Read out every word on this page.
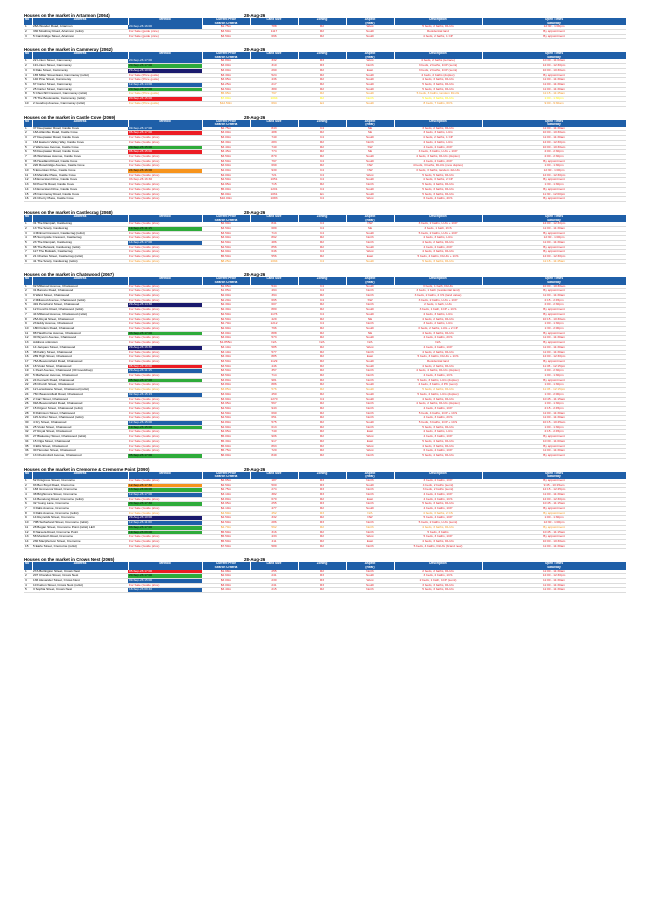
Houses on the market in Artarmon (2064)	28-Aug-26
No	Address	Method	Current Price	Land Size	Zoning	Aspect	Description	Open Times
			Search Criteria			(Rear)		Saturday
1	28A Wooder Road, Artarmon	20-Sep-26 16:00	$1.75m	788	R2	West	5 beds, 2 baths, DLUG	12:30 - 1:00pm
2	330 Mowbray Road, Artarmon (relist)	For Sale (guide price)	$3.50m	1117	R2	South	Residential land	By appointment
3	5 Cambridge Street, Artarmon	For Sale (guide price)	$3.50m	696	R2	South	4 beds, 2 baths, 1 CP	By appointment
Houses on the market in Cammeray (2062)	28-Aug-26
No	Address	Method	Current Price	Land Size	Zoning	Aspect	Description	Open Times
			Search Criteria			(Rear)		Saturday
1	22 Linton Street, Cammeray	20-Sep-26 17:00	$2.80m	332	R3	West	4 beds, 2 baths (terrace)	10:30 - 11:00am
2	19 Linton Street, Cammeray	20-Sep-26 17:00	$3.00m	310	R3	North	3 beds, 2 baths, 1CP (semi)	12:00 - 12:30pm
3	9 Dale Street, Cammeray	29-Aug-26 10:00	$3.00m	290	R2	East	3 beds, 2 baths, 1CP (semi)	10:00 - 10:30am
4	165 Miller Street East, Cammeray (relist)	For Sale (Price guide)	$3.30m	524	R2	South	4 beds, 2 baths (duplex)	By appointment
5	140 Pine Street, Cammeray	For Sale (Price guide)	$3.95m	436	R2	South	4 beds, 3 baths, DLUG	11:00 - 11:30am
6	67 Carter Street, Cammeray	12-Sep-26 14:00	$4.25m	217	R2	South	5 beds, 3 baths, DLUG	11:00 - 11:30am
7	25 Carter Street, Cammeray	20-Sep-26 17:00	$4.50m	380	R2	South	5 beds, 3 baths, DLUG	11:00 - 11:30am
8	5 Churchill Crescent, Cammeray (relist)	For Sale (Price guide)	$5.95m	797	R2	South	5 beds, 3 baths, tandem DLUG	11:15 - 11:45am
9	78 The Boulevarde, Cammeray (relist)	20-Sep-26 15:00	$7.00m	1094	R2	North	5 beds, 3 baths, DLUG	1:00 - 1:30pm
10	2 Goodrop Avenue, Cammeray (relist)	For Sale (Price guide)	$12.50m	694	E4	South	8 beds, 7 baths, 6CS	9:00 - 9:30am
Houses on the market in Castle Cove (2069)	28-Aug-26
No	Address	Method	Current Price	Land Size	Zoning	Aspect	Description	Open Times
			Search Criteria			(Rear)		Saturday
1	37 Deepwater Road, Castle Cove	09-Sep-26 17:00	$2.75m	843	C4	SE	3 beds, 2 baths, DLUG	11:00 - 11:30am
2	18A Allambie Road, Castle Cove	06-Sep-26 17:00	$3.00m	488	R2	SE	3 beds, 3 baths, LUG	10:00 - 10:30am
3	27 Deepwater Road, Castle Cove	For Sale (Guide price)	$3.00m	740	C4	South	4 beds, 2 baths, 1 CP	11:00 - 11:30am
4	163 Eastern Valley Way, Castle Cove	For Sale (Guide price)	$3.30m	283	R2	North	4 beds, 4 baths, LUG	12:00 - 12:30pm
5	2 Warrenee Avenue, Castle Cove	20-Sep-26 15:00	$3.40m	740	R2	SW	4 beds, 2 baths, 2CP	10:00 - 10:30am
6	53 Deepwater Road, Castle Cove	06-Sep-26 15:00	$3.45m	774	R2	SE	3 beds, 3 baths, LUG + 1CP	2:00 - 2:30pm
7	46 Warrawee Avenue, Castle Cove	For Sale (Guide price)	$3.50m	870	R2	South	4 beds, 3 baths, DLUG (duplex)	2:00 - 2:30pm
8	36 Headland Road, Castle Cove	For Sale (Guide price)	$3.50m	797	C4	South	4 beds, 2 baths, 2CP	By appointment
9	220 Rosebridge Avenue, Castle Cove	For Sale (Guide price)	$3.60m	699	R2	NW	4 beds, 3 baths, DLUG (new duplex)	1:00 - 1:30pm
10	5 Emerstan Drive, Castle Cove	24-Sep-26 16:00	$4.00m	930	C4	NW	3 beds, 3 baths, tandem 4xLUG	12:30 - 1:00pm
11	18 Manville Place, Castle Cove	For Sale (Guide price)	$4.00m	721	C4	West	5 beds, 5 baths, DLUG	12:00 - 12:30pm
12	18 Emerstan Drive, Castle Cove	03-Sep-26 16:30	$4.50m	1051	C4	South	4 beds, 3 baths, 2 CP	By appointment
13	60 Peel St Road, Castle Cove	For Sale (Guide price)	$4.95m	715	R2	North	5 beds, 4 baths, DLUG	1:30 - 1:30pm
14	13 Emerstan Drive, Castle Cove	For Sale (Guide price)	$5.00m	1201	C4	South	5 beds, 3 baths, DLUG	By appointment
15	28 Cammeray Road, Castle Cove	For Sale (Guide price)	$6.00m	1061	E1	South	5 beds, 3 baths, DLUG	11:30 - 12:00pm
16	24 Cherry Place, Castle Cove	For Sale (Guide price)	$10.00m	1083	C4	West	6 beds, 4 baths, 4CS	By appointment
Houses on the market in Castlecrag (2068)	28-Aug-26
No	Address	Method	Current Price	Land Size	Zoning	Aspect	Description	Open Times
			Search Criteria			(Rear)		Saturday
1	31 The Rampart, Castlecrag	For Sale (Guide price)	$2.90m	841	C4	NW	3 beds, 2 baths, LUG + 1CP	12:00 - 12:30pm
2	13 The Scarp, Castlecrag	19-Sep-26 11:15	$3.50m	689	C4	SE	3 beds, 1 bath, 2CS	11:00 - 11:30am
3	4 Mirimai Crescent, Castlecrag (relist)	For Sale (Guide price)	$3.50m	713	C4	South	5 beds, 2 baths, LUG + 1CP	By appointment
4	85 Sunnyside Crescent, Castlecrag	For Sale (Guide price)	$3.90m	892	R2	North	4 beds, 3 baths, LUG	12:30 - 1:00pm
5	23 The Rampart, Castlecrag	14-Sep-26 17:00	$4.50m	486	R2	North	4 beds, 2 baths, DLUG	11:00 - 11:30am
6	98 The Bulwark, Castlecrag (relist)	For Sale (Guide price)	$4.50m	856	R2	South	4 beds, 2 baths, 2CP	By appointment
7	117 The Bulwark, Castlecrag	For Sale (Guide price)	$4.90m	646	C4	West	4 beds, 3 baths, DLUG	By appointment
8	21 Charles Street, Castlecrag (relist)	For Sale (Guide price)	$5.50m	556	R2	East	5 beds, 4 baths, DLUG + 1CS	12:00 - 12:30pm
9	41 The Scarp, Castlecrag (relist)	For Sale (Guide price)	$8.25m	1094	C4	South	5 beds, 3 baths, DLUG	11:15 - 11:45am
Houses on the market in Chatswood (2067)	28-Aug-26
No	Address	Method	Current Price	Land Size	Zoning	Aspect	Description	Open Times
			Search Criteria			(Rear)		Saturday
1	92 Millwood Avenue, Chatswood	For Sale (Guide price)	$1.65m	544	C4	South	3 beds, 1 bath, DLUG	10:00 - 10:30am
2	31 Barcelo Road, Chatswood	For Sale (Guide price)	$1.85m	494	C4	North	3 beds, 1 bath (residential land)	By appointment
3	9 Ward Street, Chatswood	For Sale (Guide price)	$2.00m	394	R2	North	3 beds, 2 baths, 2 CS (land value)	11:00 - 11:30am
4	2 Millwood Avenue, Chatswood (relist)	For Sale (Guide price)	$2.20m	695	C4	SW	3 beds, 2 baths, LUG + 1CP	2:15 - 2:45pm
5	491 Penshurst Street, Chatswood	29-Aug-26 14:30	$2.30m	607	R2	North	2 beds, 1 bath, LUG	2:00 - 2:30pm
6	12 Frenchs Road, Chatswood (relist)	For Sale (Guide price)	$2.30m	880	R2	South	3 beds, 1 bath, 1CP + 1CS	By appointment
7	44 Millwood Avenue, Chatswood (relist)	For Sale (Guide price)	$2.50m	1176	C4	South	4 beds, 3 baths, LUG	By appointment
8	25A Royal Street, Chatswood	For Sale (Guide price)	$2.50m	429	R2	NE	4 beds, 2 baths, DLUG	10:15 - 10:30am
9	23 Eddy Avenue, Chatswood	For Sale (Guide price)	$2.70m	1212	C4	North	3 beds, 2 baths, LUG	1:00 - 1:30pm
10	18D Fullers Road, Chatswood	For Sale (Guide price)	$2.90m	796	R2	South	3 beds, 2 baths, LUG + 2 CP	1:30 - 2:00pm
11	88 Hawthorne Avenue, Chatswood	03-Sep-26 17:00	$3.00m	888	R2	NE	4 beds, 3 baths, DLUG	By appointment
12	30 Wyvern Avenue, Chatswood	For Sale (Guide price)	$3.00m	573	R2	South	4 beds, 2 baths, 2CS	11:00 - 11:30am
13	Address unknown	For Sale (Guide price)	$1.855m	N/A	N/A	N/A	N/A	By appointment
14	14 Jacques Street, Chatswood	29-Aug-26 16:30	$3.10m	585	R2	West	4 beds, 2 baths, 1CP	11:00 - 11:30am
15	38 Kalkry Street, Chatswood	For Sale (Guide price)	$3.10m	577	R2	North	4 beds, 2 baths, DLUG	11:00 - 11:30am
16	289 High Street, Chatswood	For Sale (Guide price)	$3.30m	885	R2	East	5 beds, 3 baths, DLUG + 1CS	12:00 - 12:30pm
17	76A Beaconsfield Road, Chatswood	For Sale (Guide price)	$3.50m	1129	R2	South	Residential land	By appointment
18	18 Violet Street, Chatswood	05-Sep-26 16:00	$3.50m	446	R2	South	4 beds, 2 baths, DLUG	11:45 - 12:15pm
19	1 Pearl Avenue, Chatswood (30 Goodchap)	29-Aug-26 11:15	$3.50m	357	R2	North	4 beds, 4 baths, DLUG (duplex)	2:00 - 2:30pm
20	5 Matheson Avenue, Chatswood	For Sale (Guide price)	$3.50m	714	R2	North	4 beds, 3 baths, 1CS	1:00 - 1:30pm
21	24 Kenneth Road, Chatswood	05-Sep-26 17:00	$3.80m	981	R2	North	5 beds, 3 baths, LUG (duplex)	By appointment
22	28 Church Street, Chatswood	For Sale (Guide price)	$3.80m	886	R2	South	4 beds, 3 baths, 2 PK (semi)	1:00 - 1:30pm
23	12 Lansdowne Street, Chatswood (relist)	For Sale (Guide price)	$3.85m	576	R2	South	5 beds, 2 baths, DLUG	11:45 - 12:15pm
24	76C Beaconsfield Road, Chatswood	02-Sep-26 15:15	$3.90m	450	R2	South	5 beds, 4 baths, LUG (duplex)	1:30 - 2:00pm
25	2 Carr Street, Chatswood	For Sale (Guide price)	$3.90m	1270	C4	South	4 beds, 3 baths, DLUG	10:45 - 11:15am
26	99A Beaconsfield Road, Chatswood	For Sale (Guide price)	$3.95m	567	R2	North	4 beds, 2 baths, DLUG (duplex)	1:00 - 1:30pm
27	15 Kilgour Street, Chatswood (relist)	For Sale (Guide price)	$4.50m	943	R2	North	4 beds, 3 baths, 1CP	2:15 - 2:45pm
28	8 Robinson Street, Chatswood	For Sale (Guide price)	$4.50m	690	R2	North	5 beds, 4 baths, 1CP + 1CS	11:00 - 11:30am
29	115 Archer Street, Chatswood (relist)	For Sale (Guide price)	$4.50m	651	R2	North	4 beds, 3 baths, 2CS	11:00 - 11:30am
30	4 Fry Street, Chatswood	12-Sep-26 15:00	$4.80m	575	R2	South	5 beds, 3 baths, 1CP + 1CS	10:15 - 10:45am
31	25 Violet Street, Chatswood	19-Sep-26 15:00	$4.90m	613	R2	North	5 beds, 3 baths, DLUG	1:00 - 1:30pm
32	27 Royal Street, Chatswood	For Sale (Guide price)	$4.95m	740	R2	East	4 beds, 3 baths, LUG	2:15 - 2:45pm
33	27 Blakesley Street, Chatswood (relist)	For Sale (Guide price)	$5.00m	906	R2	West	4 beds, 3 baths, 1CP	By appointment
34	15 Olga Street, Chatswood	For Sale (Guide price)	$5.30m	917	R2	East	5 beds, 4 baths, DLUG	10:30 - 11:00am
35	3 Ellis Street, Chatswood	For Sale (Guide price)	$5.60m	863	R2	West	4 beds, 3 baths, DLUG	By appointment
36	30 Heroden Street, Chatswood	For Sale (Guide price)	$5.75m	720	R2	West	6 beds, 4 baths, 1CP	11:00 - 11:30am
37	13 Chelmsford Avenue, Chatswood	05-Sep-26 17:00	$6.00m	849	R2	North	5 beds, 4 baths, DLUG	By appointment
Houses on the market in Cremorne & Cremorne Point (2090)	28-Aug-26
No	Address	Method	Current Price	Land Size	Zoning	Aspect	Description	Open Times
			Search Criteria			(Rear)		Saturday
1	52 Kirkgrove Street, Cremorne	For Sale (Guide price)	$2.65m	187	R3	North	3 beds, 2 baths, 1CP	By appointment
2	93 Ben Boyd Road, Cremorne	12-Sep-26 17:30	$2.50m	500	R3	South	4 beds, 2 baths (semi)	9:45 - 10:15am
3	183 Grosvenor Road, Cremorne	13-Sep-26 09:00	$2.75m	274	R3	North	3 beds, 2 baths (semi)	12:15 - 12:45pm
4	38 Brightmore Street, Cremorne	12-Sep-26 17:00	$3.10m	382	R3	North	4 beds, 2 baths, 1CP	11:00 - 11:30am
5	14 Benelong Road, Cremorne (relist)	For Sale (Guide price)	$3.80m	670	R2	East	4 beds, 2 baths, 1CS	12:00 - 12:30pm
6	32 Young Lane, Cremorne	20-Sep-26 17:30	$3.95m	255	R3	North	5 beds, 3 baths, DLUG	10:45 - 11:15am
7	3 Dalis Avenue, Cremorne	For Sale (Guide price)	$4.10m	477	R2	South	4 beds, 2 baths, 1CP	By appointment
8	3 Dalis Avenue, Cremorne (relist)	For Sale (Guide price)	$4.50m	452	R3	N/A	4 beds, 3 baths, 2 CS	By appointment
9	14 Reynolds Street, Cremorne	29-Aug-26 10:00	$4.50m	332	R2	NW	5 beds, 4 baths, 1CP	1:00 - 1:30pm
10	70B Sutherland Street, Cremorne (relist)	12-Sep-26 11:00	$4.50m	286	R3	North	5 beds, 2 baths, LUG (semi)	12:30 - 1:00pm
11	28 Bogan Street, Cremorne Point (relist) LEX	03-Sep-26 17:00	$4.70m	562	R2	North	4 beds, 3 baths, DLUG	By appointment
12	8 Nareela Road, Cremorne Point	19-Sep-26 09:00	$5.50m	316	R2	North	5 beds, 3 baths	10:45 - 11:15am
13	58 Murdoch Road, Cremorne	For Sale (Guide price)	$5.50m	433	R2	West	5 beds, 3 baths, 1CP	By appointment
14	230 Macpherson Street, Cremorne	For Sale (Guide price)	$5.50m	411	R2	East	4 beds, 3 baths, DLUG	10:00 - 10:30am
15	5 Earle Street, Cremorne (relist)	For Sale (Guide price)	$7.50m	589	R2	North	5 beds, 4 baths, DLUG (brand new)	11:00 - 11:30am
Houses on the market in Crows Nest (2065)	28-Aug-26
No	Address	Method	Current Price	Land Size	Zoning	Aspect	Description	Open Times
			Search Criteria			(Rear)		Saturday
1	27A Burlington Street, Crows Nest	05-Sep-26 17:00	$1.98m	255	R2	North	2 beds, 2 baths, DLUG	11:00 - 11:30am
2	207 Chandos Street, Crows Nest	20-Sep-26 17:00	$2.60m	241	R3	South	3 beds, 2 baths, 1CS	12:00 - 12:30pm
3	136 Alexander Street, Crows Nest	09-Sep-26 15:00	$3.00m	230	R3	West	2 beds, 1 bath, 1CP (semi)	11:00 - 11:30am
4	10 Falcon Street, Crows Nest (relist)	For Sale (Guide price)	$3.00m	241	R3	South	3 beds, 3 baths, DLUG	11:00 - 11:30am
5	3 Sophia Street, Crows Nest	18-Sep-26 09:40	$3.40m	215	R2	North	5 beds, 3 baths, DLUG	11:00 - 11:30am
